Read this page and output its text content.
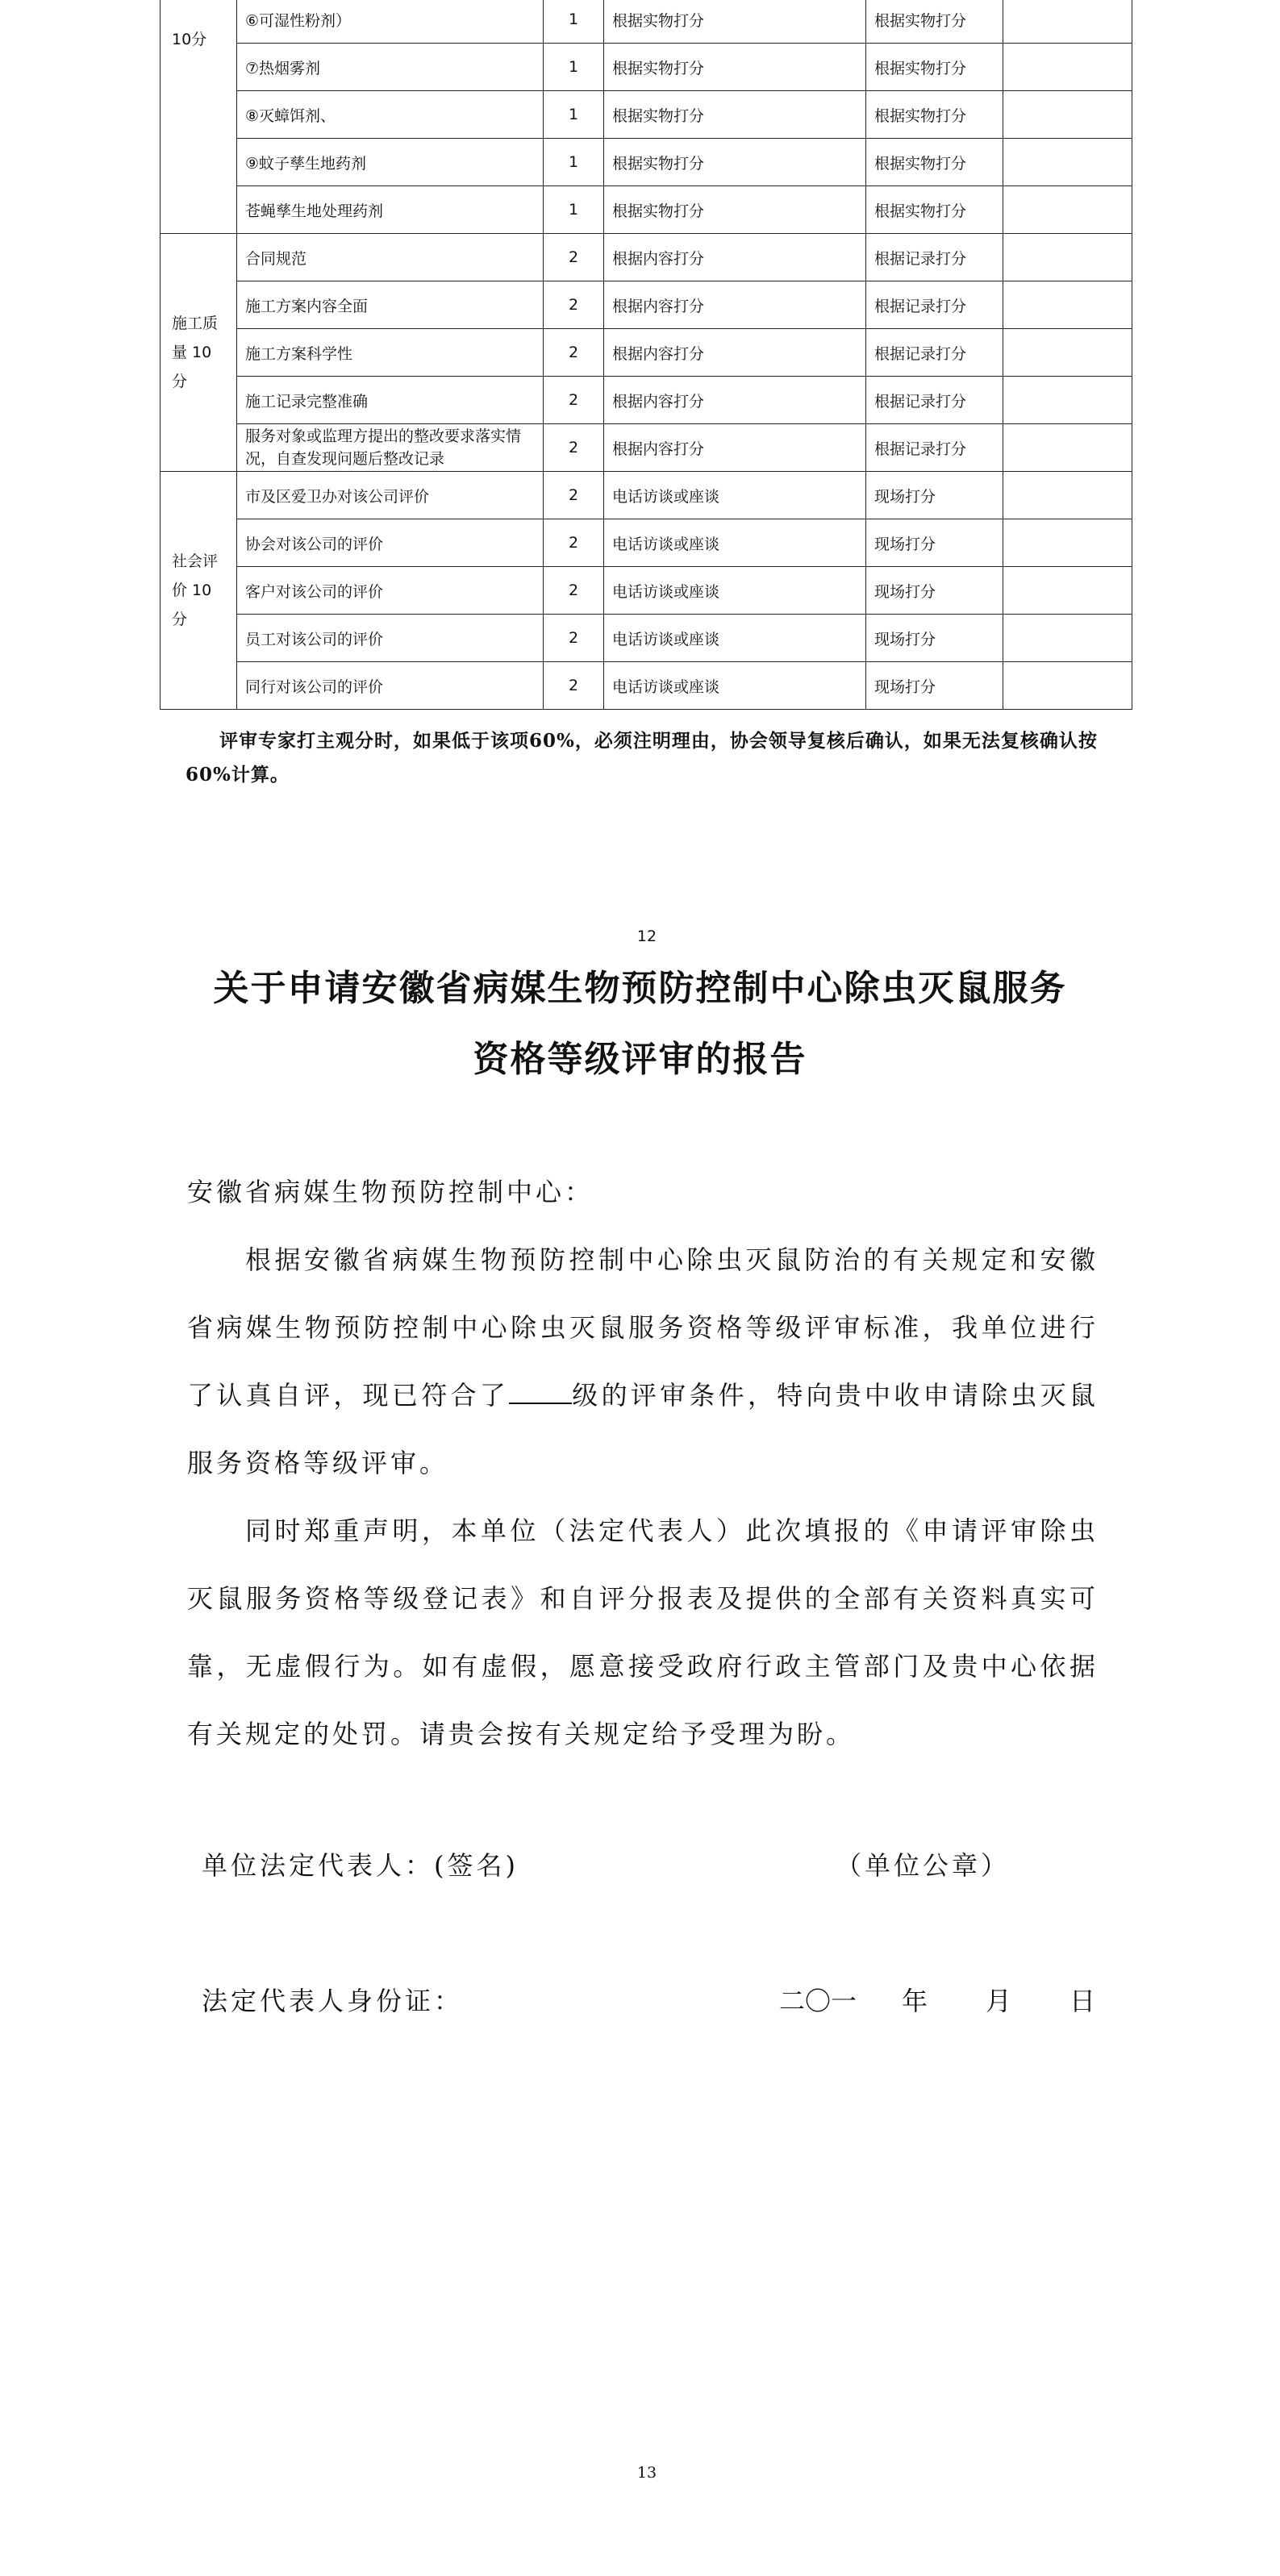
10分	⑥可湿性粉剂）	1	根据实物打分	根据实物打分	
	⑦热烟雾剂	1	根据实物打分	根据实物打分	
	⑧灭蟑饵剂、	1	根据实物打分	根据实物打分	
	⑨蚊子孳生地药剂	1	根据实物打分	根据实物打分	
	苍蝇孳生地处理药剂	1	根据实物打分	根据实物打分	

施工质
量 10
分	合同规范	2	根据内容打分	根据记录打分	
	施工方案内容全面	2	根据内容打分	根据记录打分	
	施工方案科学性	2	根据内容打分	根据记录打分	
	施工记录完整准确	2	根据内容打分	根据记录打分	
	服务对象或监理方提出的整改要求落实情况，自查发现问题后整改记录	2	根据内容打分	根据记录打分	

社会评
价 10
分	市及区爱卫办对该公司评价	2	电话访谈或座谈	现场打分	
	协会对该公司的评价	2	电话访谈或座谈	现场打分	
	客户对该公司的评价	2	电话访谈或座谈	现场打分	
	员工对该公司的评价	2	电话访谈或座谈	现场打分	
	同行对该公司的评价	2	电话访谈或座谈	现场打分	
评审专家打主观分时，如果低于该项60%，必须注明理由，协会领导复核后确认，如果无法复核确认按60%计算。
12
关于申请安徽省病媒生物预防控制中心除虫灭鼠服务
资格等级评审的报告
安徽省病媒生物预防控制中心：
根据安徽省病媒生物预防控制中心除虫灭鼠防治的有关规定和安徽省病媒生物预防控制中心除虫灭鼠服务资格等级评审标准，我单位进行了认真自评，现已符合了 级的评审条件，特向贵中收申请除虫灭鼠服务资格等级评审。
同时郑重声明，本单位（法定代表人）此次填报的《申请评审除虫灭鼠服务资格等级登记表》和自评分报表及提供的全部有关资料真实可靠，无虚假行为。如有虚假，愿意接受政府行政主管部门及贵中心依据有关规定的处罚。请贵会按有关规定给予受理为盼。
单位法定代表人：(签名)	（单位公章）
法定代表人身份证：	二〇一 年 月 日
13
